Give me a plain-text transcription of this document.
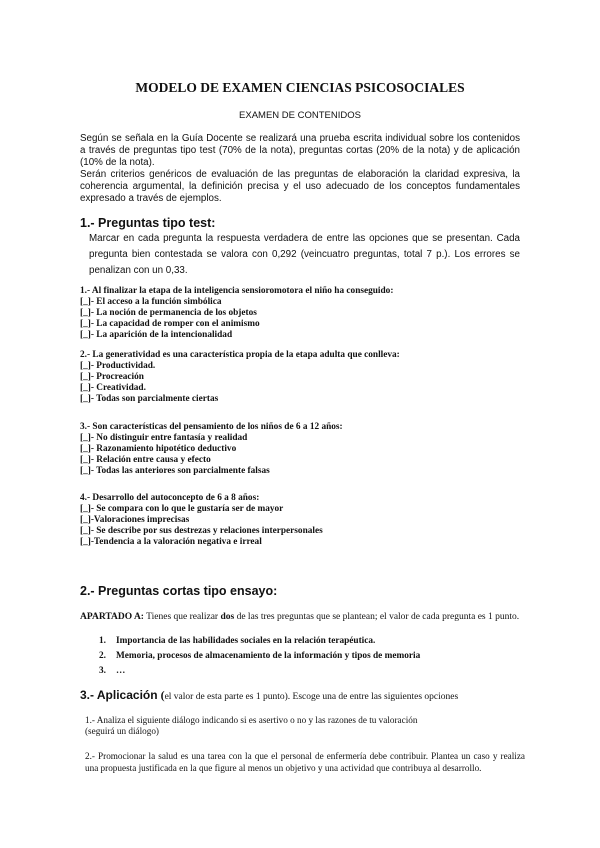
MODELO DE EXAMEN CIENCIAS PSICOSOCIALES
EXAMEN DE CONTENIDOS

Según se señala en la Guía Docente se realizará una prueba escrita individual sobre los contenidos a través de preguntas tipo test (70% de la nota), preguntas cortas (20% de la nota) y de aplicación (10% de la nota).

Serán criterios genéricos de evaluación de las preguntas de elaboración la claridad expresiva, la coherencia argumental, la definición precisa y el uso adecuado de los conceptos fundamentales expresado a través de ejemplos.

1.- Preguntas tipo test:
Marcar en cada pregunta la respuesta verdadera de entre las opciones que se presentan. Cada pregunta bien contestada se valora con 0,292 (veincuatro preguntas, total 7 p.). Los errores se penalizan con un 0,33.
1.- Al finalizar la etapa de la inteligencia sensioromotora el niño ha conseguido:
[_]- El acceso a la función simbólica
[_]- La noción de permanencia de los objetos
[_]- La capacidad de romper con el animismo
[_]- La aparición de la intencionalidad
2.- La generatividad es una característica propia de la etapa adulta que conlleva:
[_]- Productividad.
[_]- Procreación
[_]- Creatividad.
[_]- Todas son parcialmente ciertas
3.- Son características del pensamiento de los niños de 6 a 12 años:
[_]- No distinguir entre fantasía y realidad
[_]- Razonamiento hipotético deductivo
[_]- Relación entre causa y efecto
[_]- Todas las anteriores son parcialmente falsas
4.- Desarrollo del autoconcepto de 6 a 8 años:
[_]- Se compara con lo que le gustaría ser de mayor
[_]-Valoraciones imprecisas
[_]- Se describe por sus destrezas y relaciones interpersonales
[_]-Tendencia a la valoración negativa e irreal
2.- Preguntas cortas tipo ensayo:
APARTADO A: Tienes que realizar dos de las tres preguntas que se plantean; el valor de cada pregunta es 1 punto.
1. Importancia de las habilidades sociales en la relación terapéutica.
2. Memoria, procesos de almacenamiento de la información y tipos de memoria
3. …
3.- Aplicación (el valor de esta parte es 1 punto). Escoge una de entre las siguientes opciones
1.- Analiza el siguiente diálogo indicando si es asertivo o no y las razones de tu valoración
(seguirá un diálogo)
2.- Promocionar la salud es una tarea con la que el personal de enfermería debe contribuir. Plantea un caso y realiza una propuesta justificada en la que figure al menos un objetivo y una actividad que contribuya al desarrollo.
